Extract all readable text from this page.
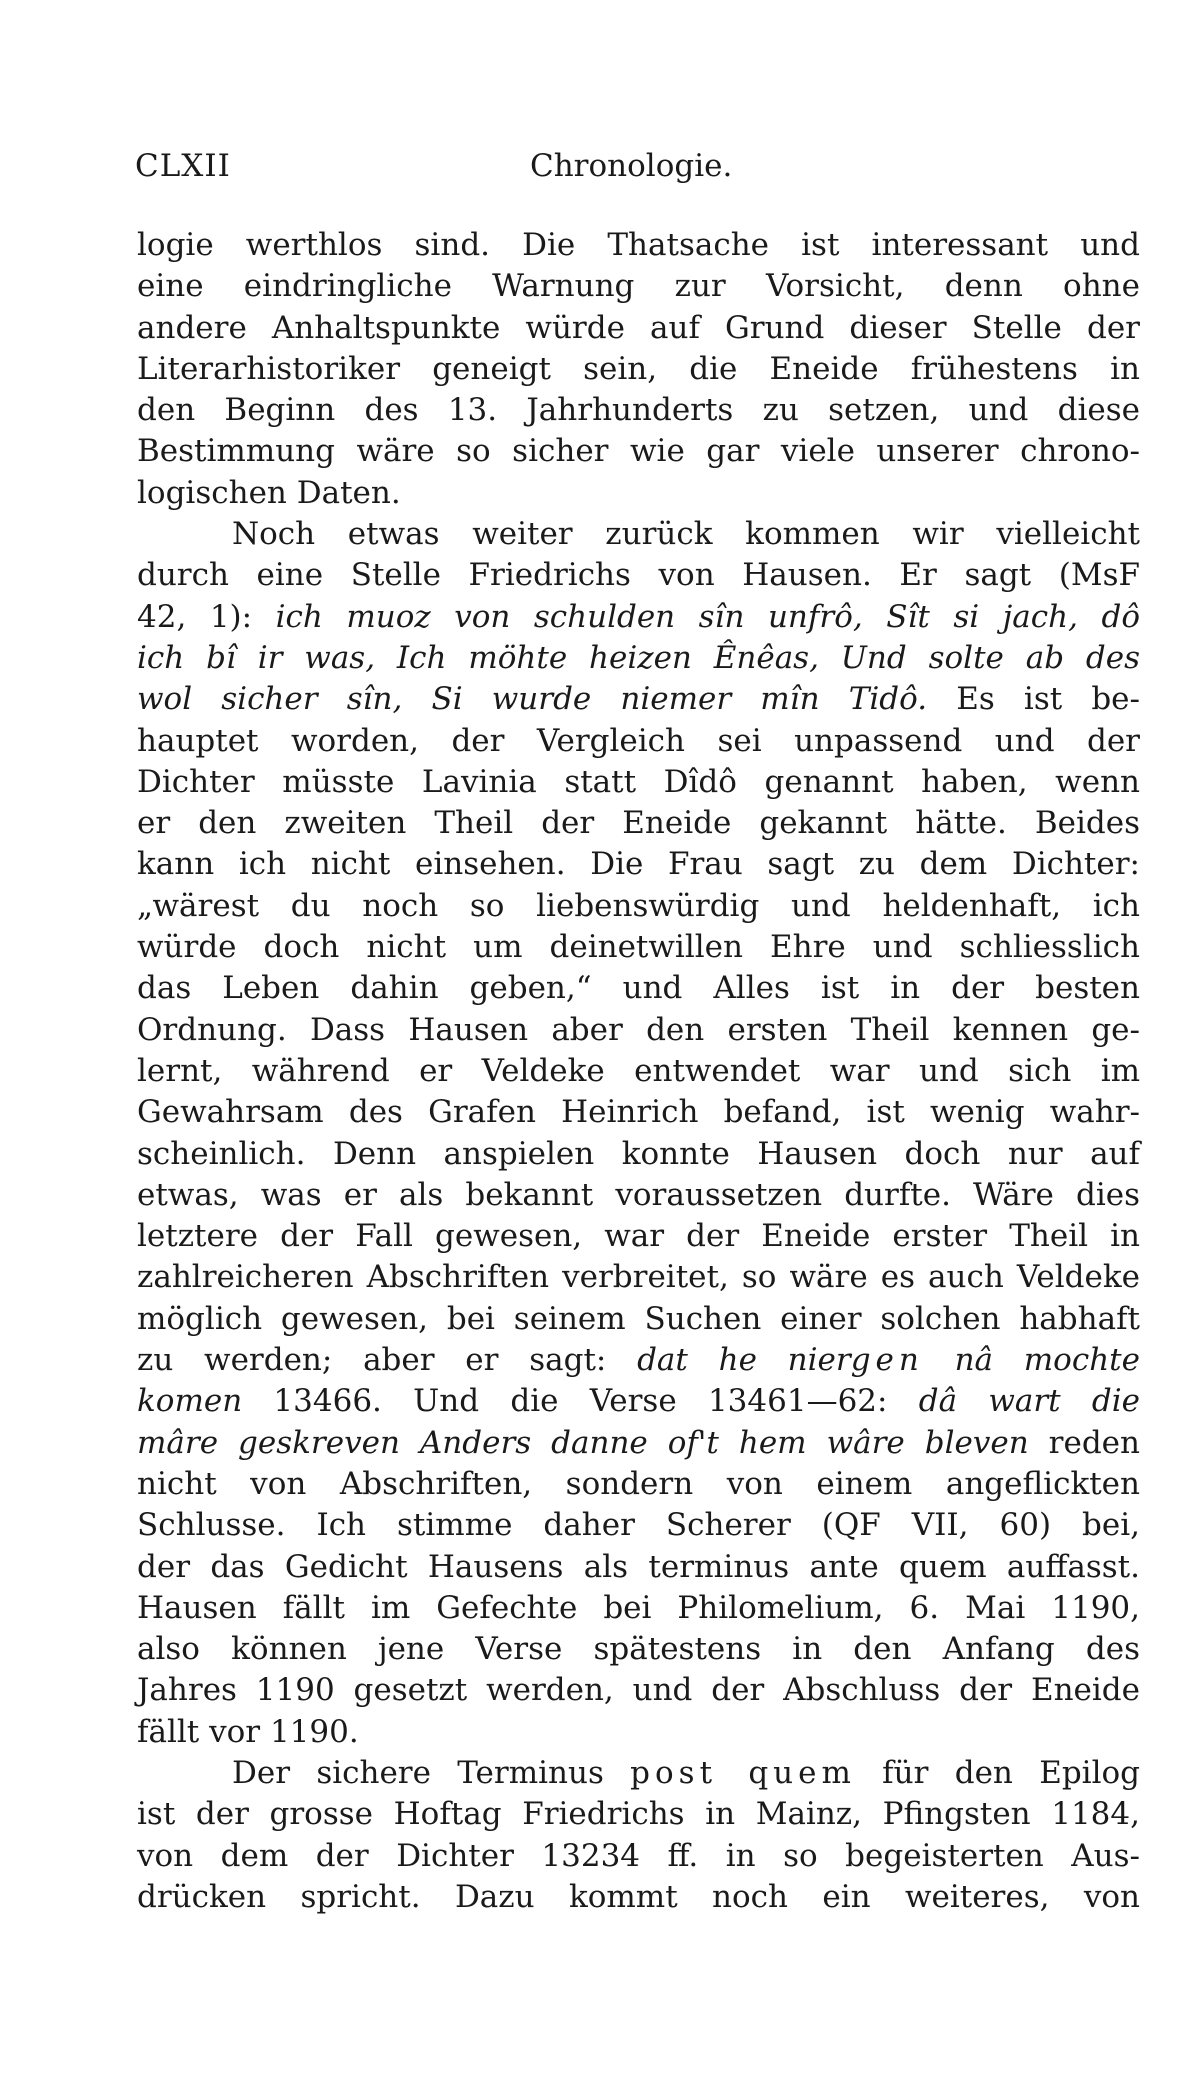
CLXII	Chronologie.
logie werthlos sind. Die Thatsache ist interessant und
eine eindringliche Warnung zur Vorsicht, denn ohne
andere Anhaltspunkte würde auf Grund dieser Stelle der
Literarhistoriker geneigt sein, die Eneide frühestens in
den Beginn des 13. Jahrhunderts zu setzen, und diese
Bestimmung wäre so sicher wie gar viele unserer chrono-
logischen Daten.
Noch etwas weiter zurück kommen wir vielleicht
durch eine Stelle Friedrichs von Hausen. Er sagt (MsF
42, 1): ich muoz von schulden sîn unfrô, Sît si jach, dô
ich bî ir was, Ich möhte heizen Ênêas, Und solte ab des
wol sicher sîn, Si wurde niemer mîn Tidô. Es ist be-
hauptet worden, der Vergleich sei unpassend und der
Dichter müsste Lavinia statt Dîdô genannt haben, wenn
er den zweiten Theil der Eneide gekannt hätte. Beides
kann ich nicht einsehen. Die Frau sagt zu dem Dichter:
„wärest du noch so liebenswürdig und heldenhaft, ich
würde doch nicht um deinetwillen Ehre und schliesslich
das Leben dahin geben,“ und Alles ist in der besten
Ordnung. Dass Hausen aber den ersten Theil kennen ge-
lernt, während er Veldeke entwendet war und sich im
Gewahrsam des Grafen Heinrich befand, ist wenig wahr-
scheinlich. Denn anspielen konnte Hausen doch nur auf
etwas, was er als bekannt voraussetzen durfte. Wäre dies
letztere der Fall gewesen, war der Eneide erster Theil in
zahlreicheren Abschriften verbreitet, so wäre es auch Veldeke
möglich gewesen, bei seinem Suchen einer solchen habhaft
zu werden; aber er sagt: dat he niergen nâ mochte
komen 13466. Und die Verse 13461—62: dâ wart die
mâre geskreven Anders danne of't hem wâre bleven reden
nicht von Abschriften, sondern von einem angeflickten
Schlusse. Ich stimme daher Scherer (QF VII, 60) bei,
der das Gedicht Hausens als terminus ante quem auffasst.
Hausen fällt im Gefechte bei Philomelium, 6. Mai 1190,
also können jene Verse spätestens in den Anfang des
Jahres 1190 gesetzt werden, und der Abschluss der Eneide
fällt vor 1190.
Der sichere Terminus post quem für den Epilog
ist der grosse Hoftag Friedrichs in Mainz, Pfingsten 1184,
von dem der Dichter 13234 ff. in so begeisterten Aus-
drücken spricht. Dazu kommt noch ein weiteres, von
